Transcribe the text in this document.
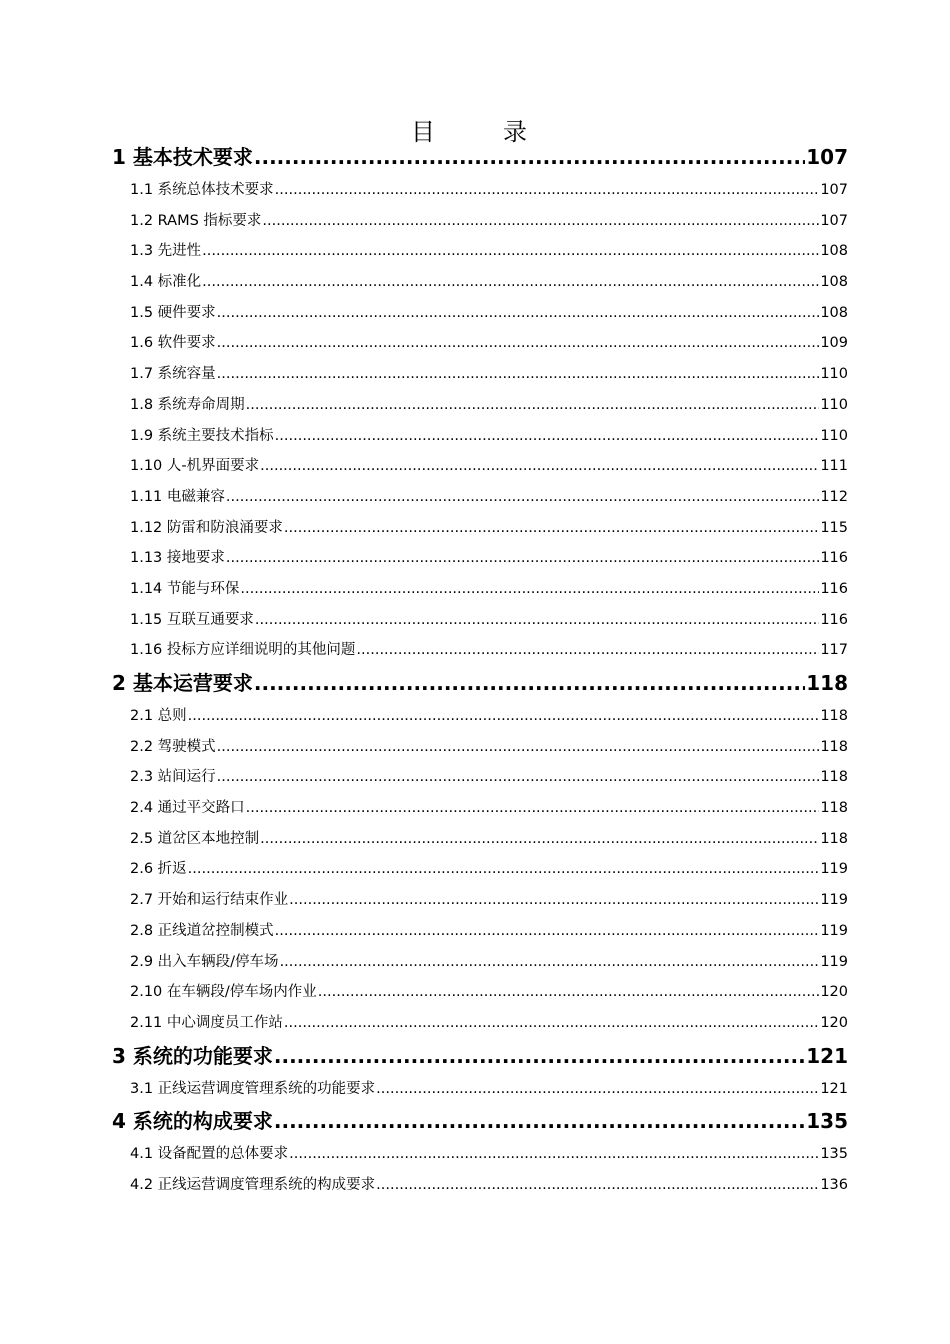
目　录
1 基本技术要求 .....	107
1.1 系统总体技术要求 .....	107
1.2 RAMS 指标要求 .....	107
1.3 先进性 .....	108
1.4 标准化 .....	108
1.5 硬件要求 .....	108
1.6 软件要求 .....	109
1.7 系统容量 .....	110
1.8 系统寿命周期 .....	110
1.9 系统主要技术指标 .....	110
1.10 人-机界面要求 .....	111
1.11 电磁兼容 .....	112
1.12 防雷和防浪涌要求 .....	115
1.13 接地要求 .....	116
1.14 节能与环保 .....	116
1.15 互联互通要求 .....	116
1.16 投标方应详细说明的其他问题 .....	117
2 基本运营要求 .....	118
2.1 总则 .....	118
2.2 驾驶模式 .....	118
2.3 站间运行 .....	118
2.4 通过平交路口 .....	118
2.5 道岔区本地控制 .....	118
2.6 折返 .....	119
2.7 开始和运行结束作业 .....	119
2.8 正线道岔控制模式 .....	119
2.9 出入车辆段/停车场 .....	119
2.10 在车辆段/停车场内作业 .....	120
2.11 中心调度员工作站 .....	120
3 系统的功能要求 .....	121
3.1 正线运营调度管理系统的功能要求 .....	121
4 系统的构成要求 .....	135
4.1 设备配置的总体要求 .....	135
4.2 正线运营调度管理系统的构成要求 .....	136
